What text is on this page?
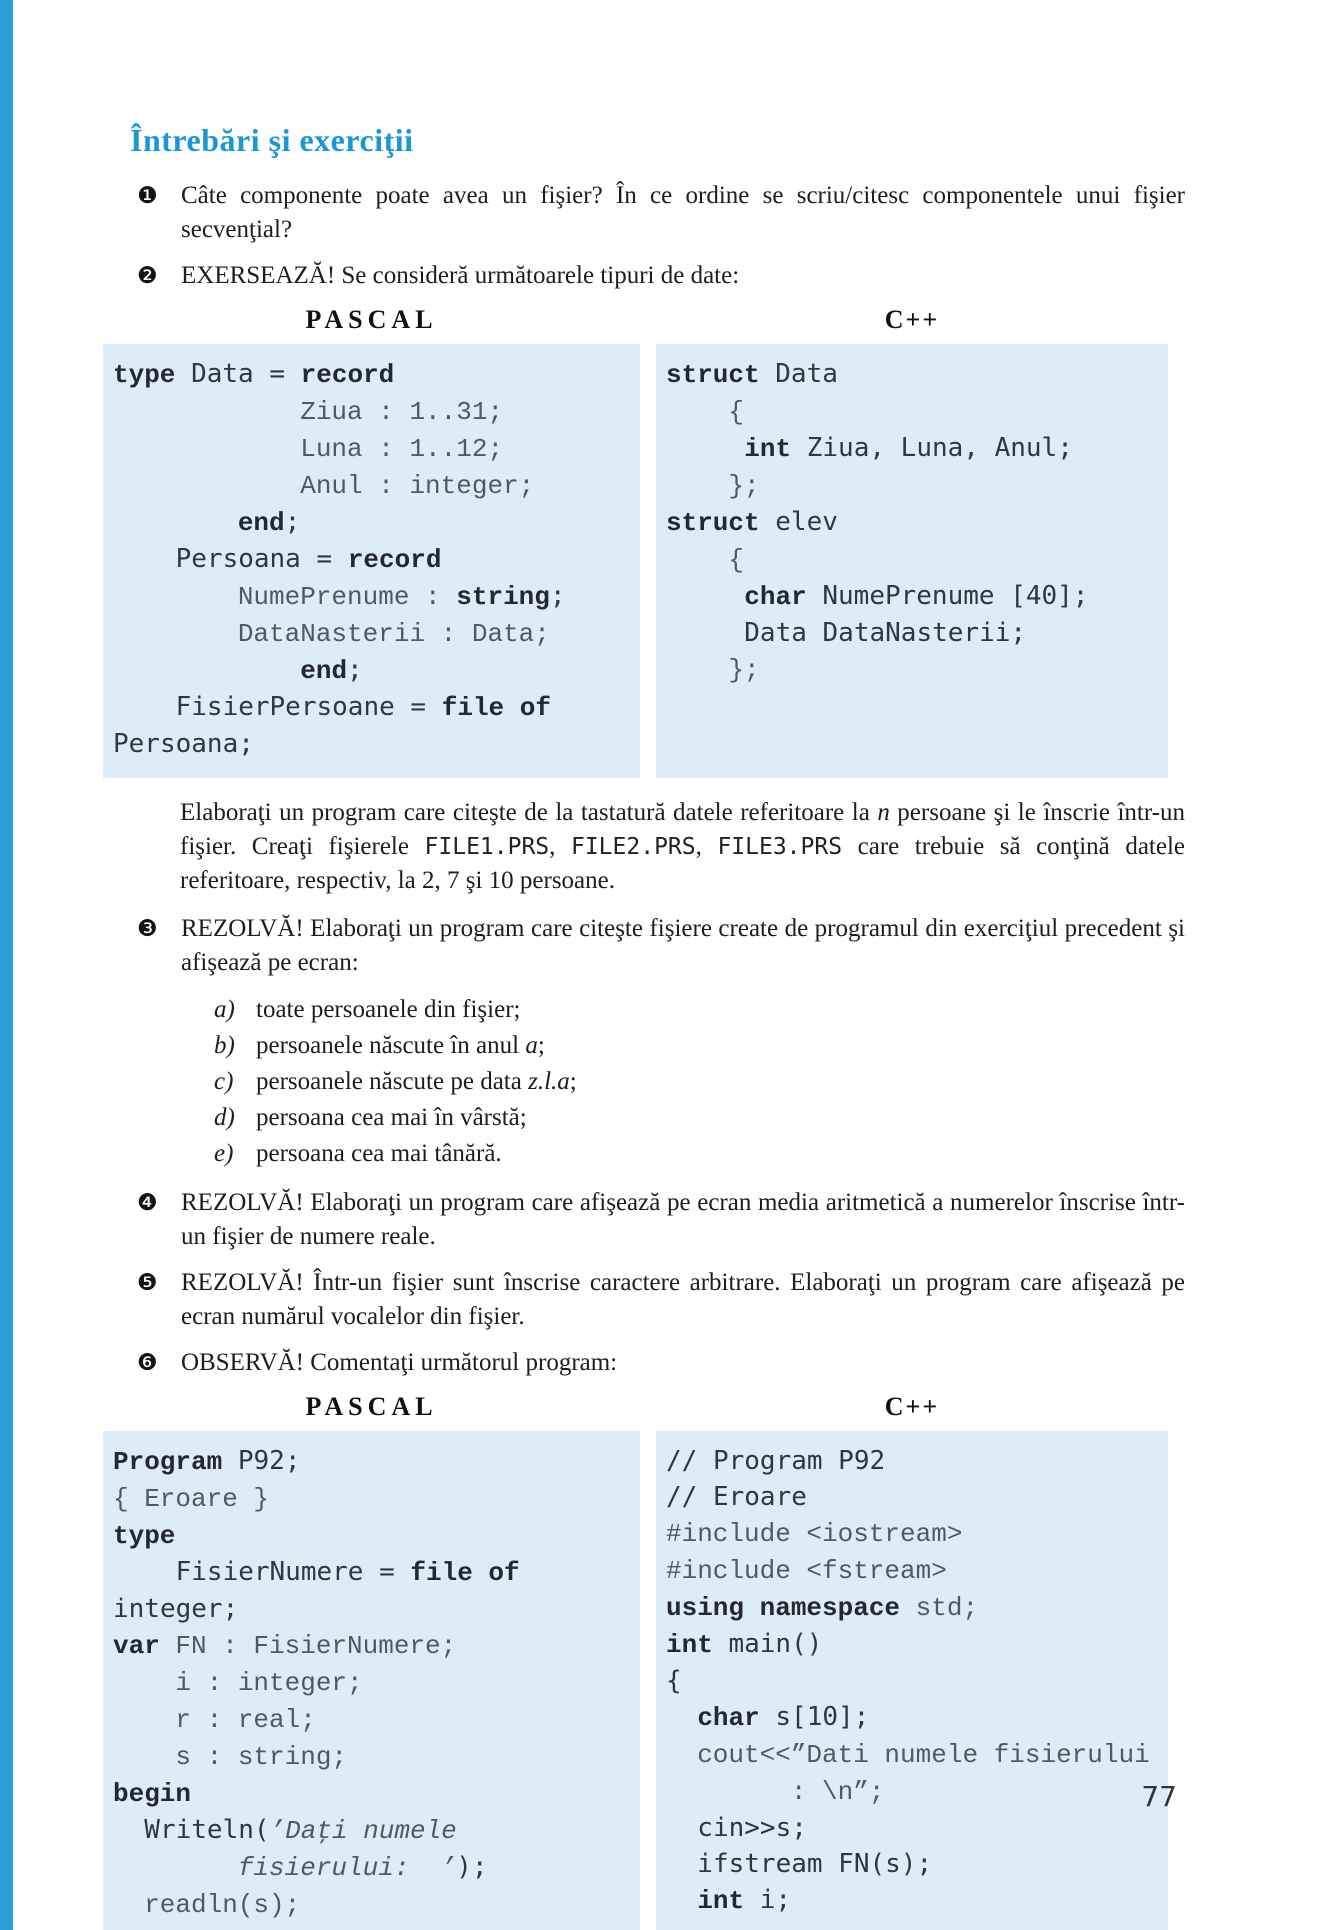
Întrebări şi exerciţii
❶ Câte componente poate avea un fişier? În ce ordine se scriu/citesc componentele unui fişier secvenţial?
❷ EXERSEAZĂ! Se consideră următoarele tipuri de date:
PASCAL	C++
type Data = record
Ziua : 1..31;
Luna : 1..12;
Anul : integer;
end;
Persoana = record
NumePrenume : string;
DataNasterii : Data;
end;
FisierPersoane = file of
Persoana;
struct Data
{
int Ziua, Luna, Anul;
};
struct elev
{
char NumePrenume [40];
Data DataNasterii;
};
Elaboraţi un program care citeşte de la tastatură datele referitoare la n persoane şi le înscrie într-un fişier. Creaţi fişierele FILE1.PRS, FILE2.PRS, FILE3.PRS care trebuie să conţină datele referitoare, respectiv, la 2, 7 şi 10 persoane.
❸ REZOLVĂ! Elaboraţi un program care citeşte fişiere create de programul din exerciţiul precedent şi afişează pe ecran:
a) toate persoanele din fişier;
b) persoanele născute în anul a;
c) persoanele născute pe data z.l.a;
d) persoana cea mai în vârstă;
e) persoana cea mai tânără.
❹ REZOLVĂ! Elaboraţi un program care afişează pe ecran media aritmetică a numerelor înscrise într-un fişier de numere reale.
❺ REZOLVĂ! Într-un fişier sunt înscrise caractere arbitrare. Elaboraţi un program care afişează pe ecran numărul vocalelor din fişier.
❻ OBSERVĂ! Comentaţi următorul program:
PASCAL	C++
Program P92;
{ Eroare }
type
FisierNumere = file of
integer;
var FN : FisierNumere;
i : integer;
r : real;
s : string;
begin
Writeln(’Daţi numele
fisierului:  ’);
readln(s);
// Program P92
// Eroare
#include <iostream>
#include <fstream>
using namespace std;
int main()
{
char s[10];
cout<<”Dati numele fisierului
: \n”;
cin>>s;
ifstream FN(s);
int i;
77
